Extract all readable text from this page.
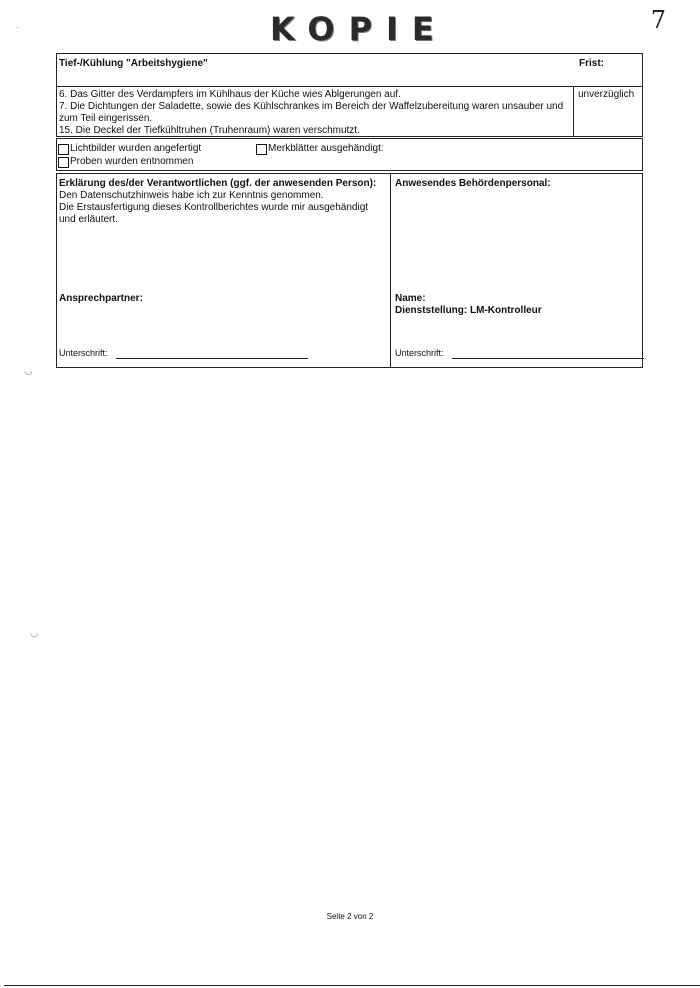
KOPIE	7
·
◡
◡
Tief-/Kühlung "Arbeitshygiene"	Frist:
6. Das Gitter des Verdampfers im Kühlhaus der Küche wies Ablgerungen auf.
7. Die Dichtungen der Saladette, sowie des Kühlschrankes im Bereich der Waffelzubereitung waren unsauber und zum Teil eingerissen.
15. Die Deckel der Tiefkühltruhen (Truhenraum) waren verschmutzt.
unverzüglich
Lichtbilder wurden angefertigt	Merkblätter ausgehändigt:
Proben wurden entnommen
Erklärung des/der Verantwortlichen (ggf. der anwesenden Person):
Den Datenschutzhinweis habe ich zur Kenntnis genommen.
Die Erstausfertigung dieses Kontrollberichtes wurde mir ausgehändigt und erläutert.
Anwesendes Behördenpersonal:
Ansprechpartner:	Name:
Dienststellung: LM-Kontrolleur
Unterschrift:	Unterschrift:
Seite 2 von 2
